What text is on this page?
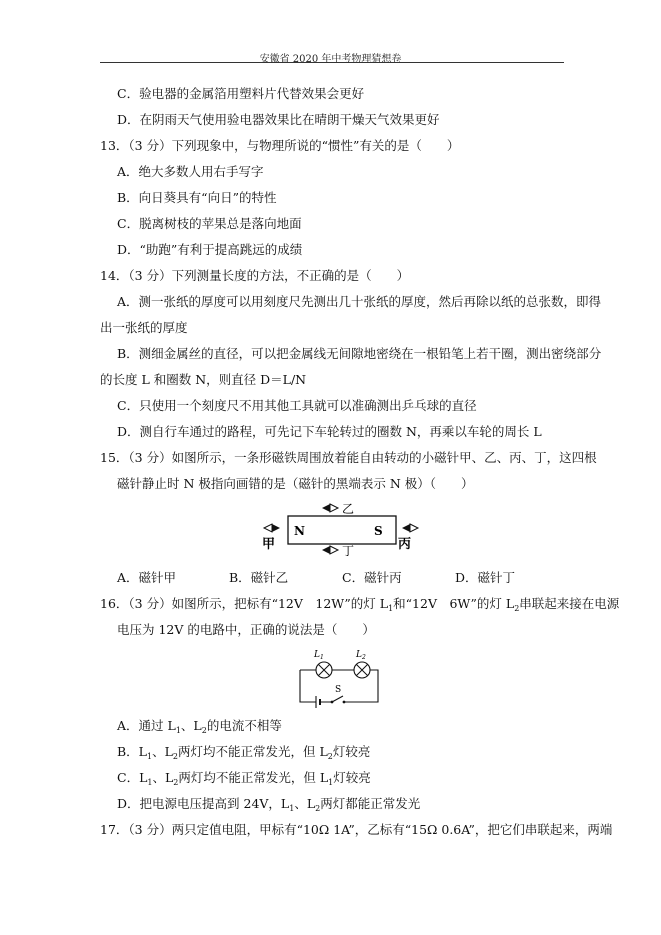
安徽省 2020 年中考物理猜想卷
C．验电器的金属箔用塑料片代替效果会更好
D．在阴雨天气使用验电器效果比在晴朗干燥天气效果更好
13．（3 分）下列现象中，与物理所说的“惯性”有关的是（　　）
A．绝大多数人用右手写字
B．向日葵具有“向日”的特性
C．脱离树枝的苹果总是落向地面
D．“助跑”有利于提高跳远的成绩
14．（3 分）下列测量长度的方法，不正确的是（　　）
A．测一张纸的厚度可以用刻度尺先测出几十张纸的厚度，然后再除以纸的总张数，即得
出一张纸的厚度
B．测细金属丝的直径，可以把金属线无间隙地密绕在一根铅笔上若干圈，测出密绕部分
的长度 L 和圈数 N，则直径 D＝L/N
C．只使用一个刻度尺不用其他工具就可以准确测出乒乓球的直径
D．测自行车通过的路程，可先记下车轮转过的圈数 N，再乘以车轮的周长 L
15．（3 分）如图所示，一条形磁铁周围放着能自由转动的小磁针甲、乙、丙、丁，这四根
磁针静止时 N 极指向画错的是（磁针的黑端表示 N 极）（　　）
N	S
乙
丁
甲	丙
A．磁针甲	B．磁针乙	C．磁针丙	D．磁针丁
16．（3 分）如图所示，把标有“12V　12W”的灯 $L_1$和“12V　6W”的灯 $L_2$串联起来接在电源
电压为 12V 的电路中，正确的说法是（　　）
S
$L_1$	$L_2$
A．通过 $L_1$、$L_2$的电流不相等
B．$L_1$、$L_2$两灯均不能正常发光，但 $L_2$灯较亮
C．$L_1$、$L_2$两灯均不能正常发光，但 $L_1$灯较亮
D．把电源电压提高到 24V，$L_1$、$L_2$两灯都能正常发光
17．（3 分）两只定值电阻，甲标有“10Ω 1A”，乙标有“15Ω 0.6A”，把它们串联起来，两端
